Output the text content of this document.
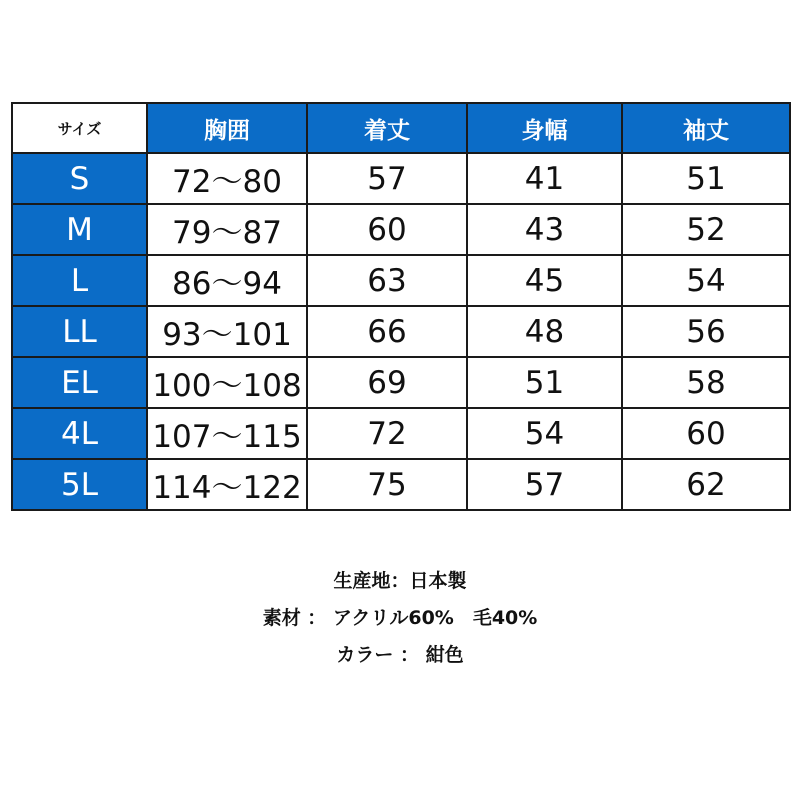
サイズ	胸囲	着丈	身幅	袖丈
S	72～80	57	41	51
M	79～87	60	43	52
L	86～94	63	45	54
LL	93～101	66	48	56
EL	100～108	69	51	58
4L	107～115	72	54	60
5L	114～122	75	57	62
生産地：日本製
素材 ： アクリル60%　毛40%
カラー ： 紺色
